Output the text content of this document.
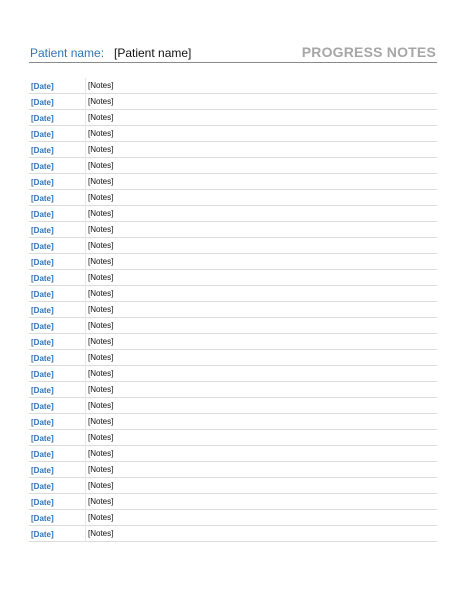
Patient name: [Patient name]	PROGRESS NOTES
[Date]	[Notes]
[Date]	[Notes]
[Date]	[Notes]
[Date]	[Notes]
[Date]	[Notes]
[Date]	[Notes]
[Date]	[Notes]
[Date]	[Notes]
[Date]	[Notes]
[Date]	[Notes]
[Date]	[Notes]
[Date]	[Notes]
[Date]	[Notes]
[Date]	[Notes]
[Date]	[Notes]
[Date]	[Notes]
[Date]	[Notes]
[Date]	[Notes]
[Date]	[Notes]
[Date]	[Notes]
[Date]	[Notes]
[Date]	[Notes]
[Date]	[Notes]
[Date]	[Notes]
[Date]	[Notes]
[Date]	[Notes]
[Date]	[Notes]
[Date]	[Notes]
[Date]	[Notes]
